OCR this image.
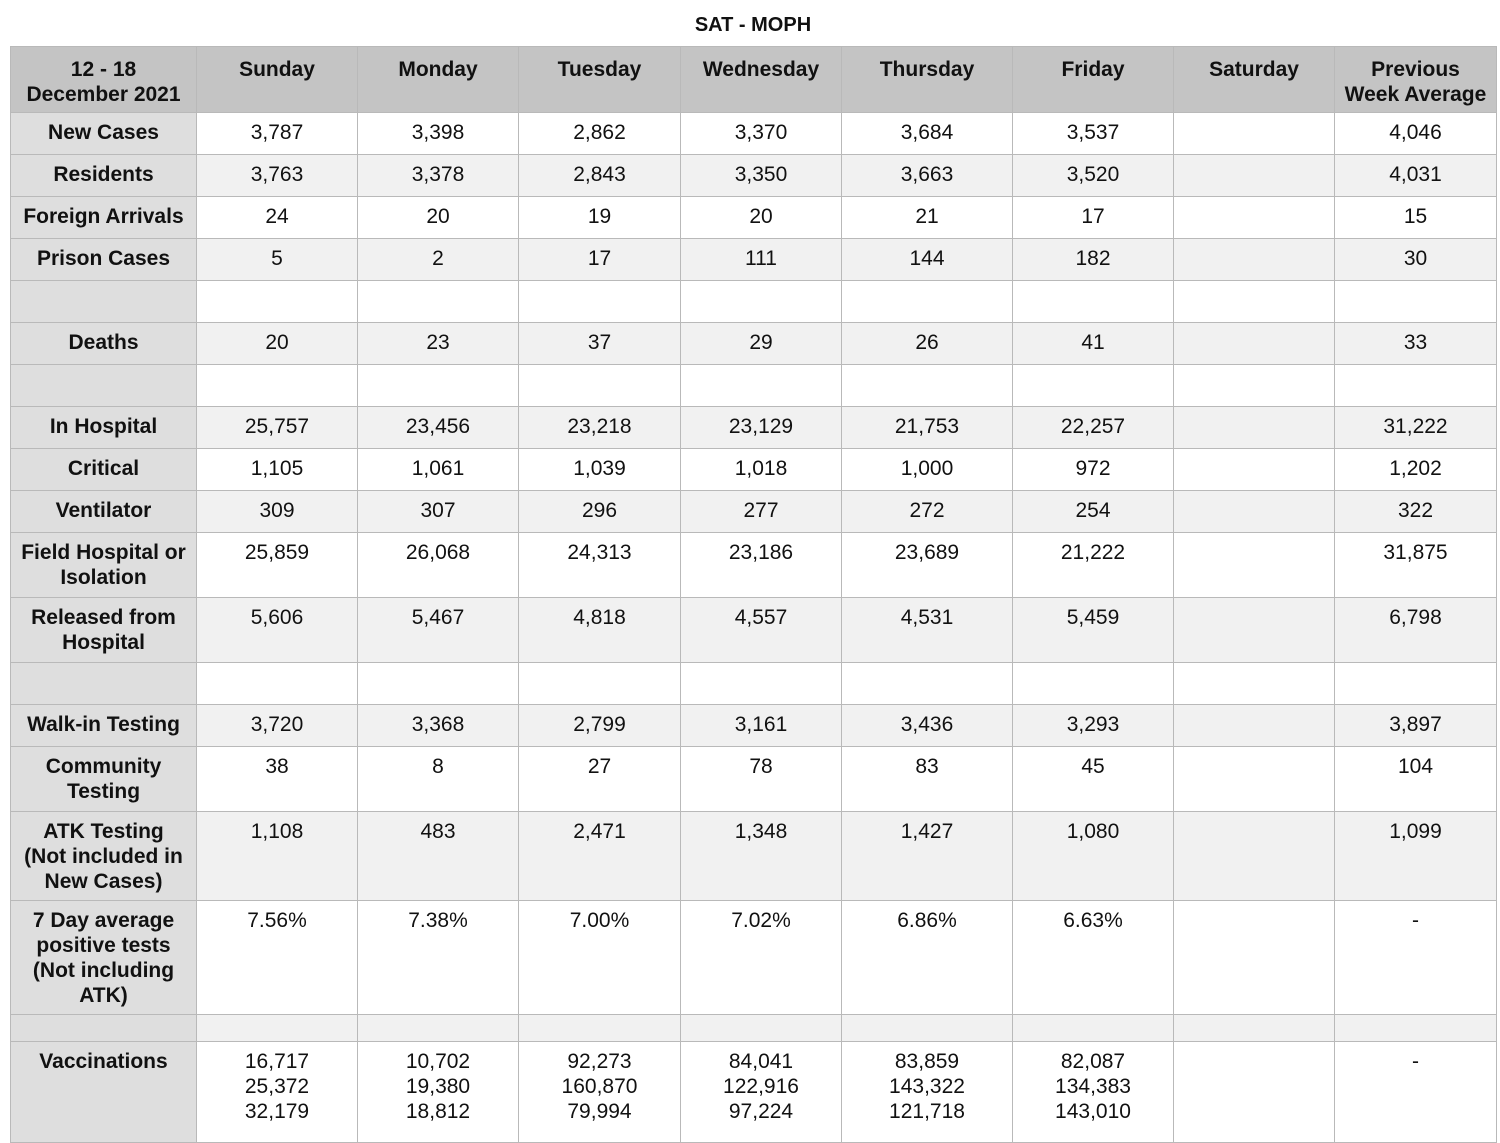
SAT - MOPH
12 - 18
December 2021	Sunday	Monday	Tuesday	Wednesday	Thursday	Friday	Saturday	Previous
Week Average
New Cases	3,787	3,398	2,862	3,370	3,684	3,537		4,046
Residents	3,763	3,378	2,843	3,350	3,663	3,520		4,031
Foreign Arrivals	24	20	19	20	21	17		15
Prison Cases	5	2	17	111	144	182		30

Deaths	20	23	37	29	26	41		33

In Hospital	25,757	23,456	23,218	23,129	21,753	22,257		31,222
Critical	1,105	1,061	1,039	1,018	1,000	972		1,202
Ventilator	309	307	296	277	272	254		322
Field Hospital or
Isolation	25,859	26,068	24,313	23,186	23,689	21,222		31,875
Released from
Hospital	5,606	5,467	4,818	4,557	4,531	5,459		6,798

Walk-in Testing	3,720	3,368	2,799	3,161	3,436	3,293		3,897
Community
Testing	38	8	27	78	83	45		104
ATK Testing
(Not included in
New Cases)	1,108	483	2,471	1,348	1,427	1,080		1,099
7 Day average
positive tests
(Not including
ATK)	7.56%	7.38%	7.00%	7.02%	6.86%	6.63%		-

Vaccinations	16,717
25,372
32,179	10,702
19,380
18,812	92,273
160,870
79,994	84,041
122,916
97,224	83,859
143,322
121,718	82,087
134,383
143,010		-
